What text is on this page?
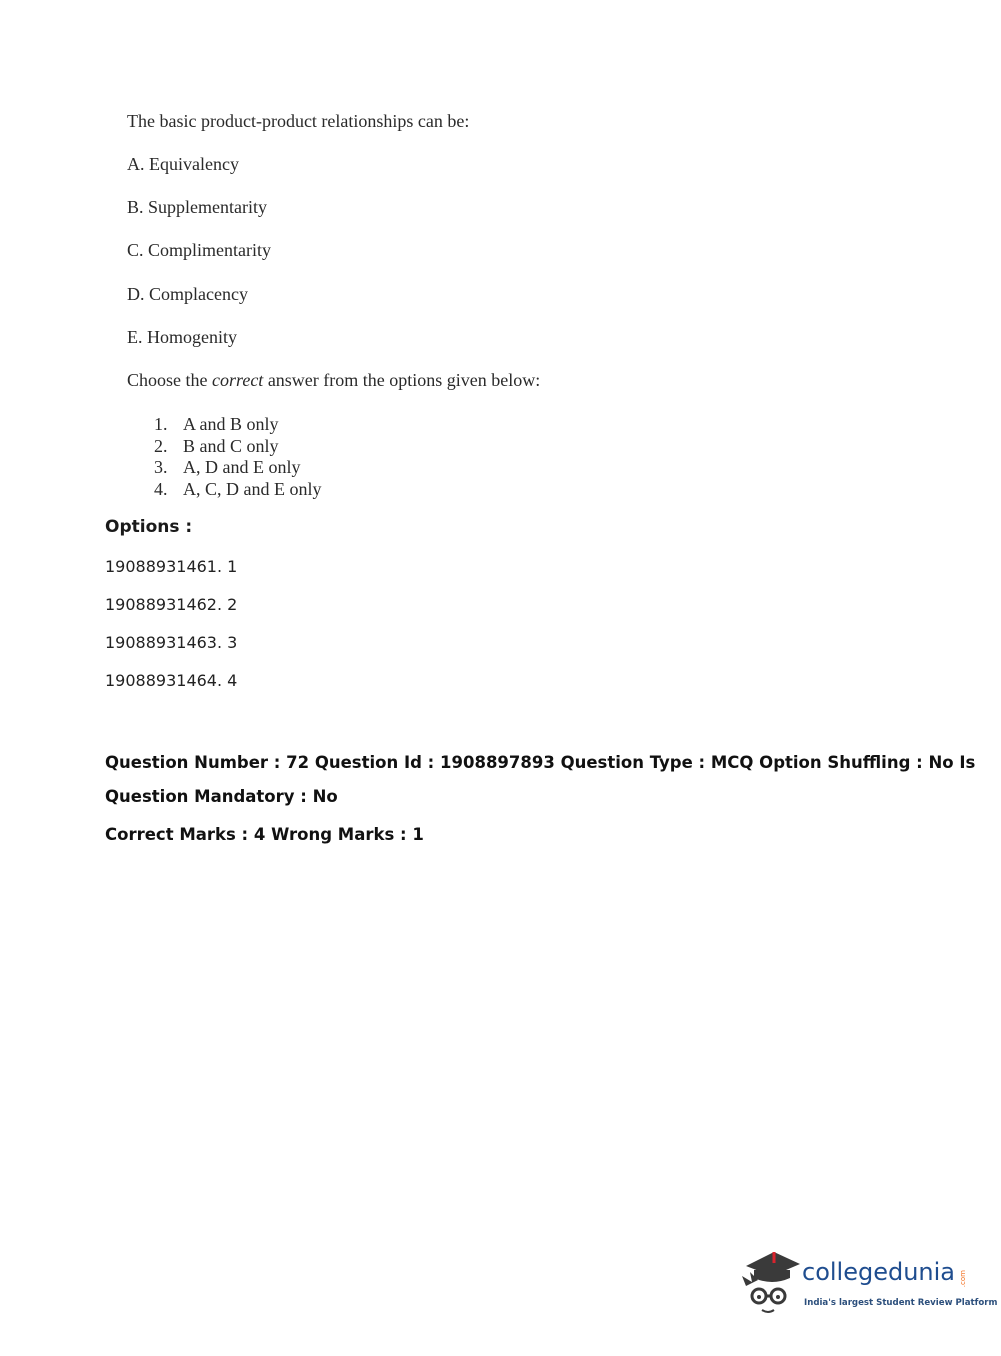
The basic product-product relationships can be:
A. Equivalency
B. Supplementarity
C. Complimentarity
D. Complacency
E. Homogenity
Choose the correct answer from the options given below:
1. A and B only
2. B and C only
3. A, D and E only
4. A, C, D and E only
Options :
19088931461. 1
19088931462. 2
19088931463. 3
19088931464. 4
Question Number : 72 Question Id : 1908897893 Question Type : MCQ Option Shuffling : No Is
Question Mandatory : No
Correct Marks : 4 Wrong Marks : 1
collegedunia .com
India's largest Student Review Platform
